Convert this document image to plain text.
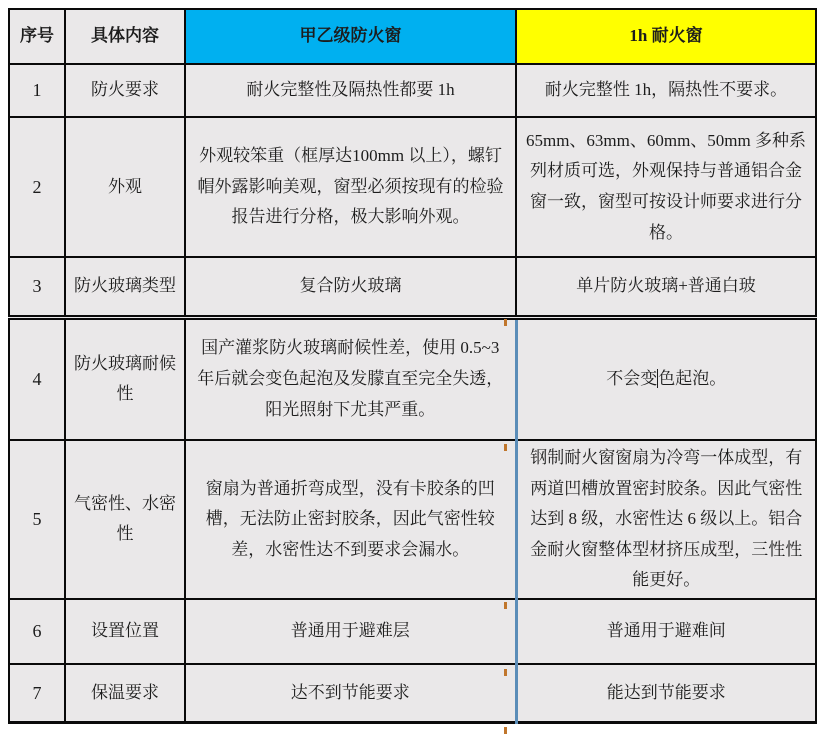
序号	具体内容	甲乙级防火窗	1h 耐火窗
1	防火要求	耐火完整性及隔热性都要 1h	耐火完整性 1h，隔热性不要求。
2	外观	外观较笨重（框厚达100mm 以上），螺钉帽外露影响美观，窗型必须按现有的检验报告进行分格，极大影响外观。	65mm、63mm、60mm、50mm 多种系列材质可选，外观保持与普通铝合金窗一致，窗型可按设计师要求进行分格。
3	防火玻璃类型	复合防火玻璃	单片防火玻璃+普通白玻
4	防火玻璃耐候性	国产灌浆防火玻璃耐候性差，使用 0.5~3 年后就会变色起泡及发朦直至完全失透，阳光照射下尤其严重。	不会变色起泡。
5	气密性、水密性	窗扇为普通折弯成型，没有卡胶条的凹槽，无法防止密封胶条，因此气密性较差，水密性达不到要求会漏水。	钢制耐火窗窗扇为冷弯一体成型，有两道凹槽放置密封胶条。因此气密性达到 8 级，水密性达 6 级以上。铝合金耐火窗整体型材挤压成型，三性性能更好。
6	设置位置	普通用于避难层	普通用于避难间
7	保温要求	达不到节能要求	能达到节能要求
